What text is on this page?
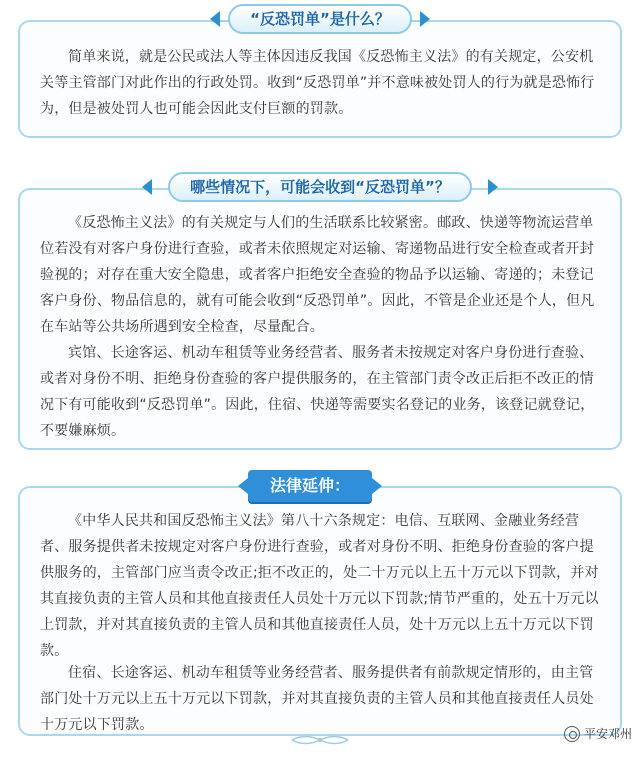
“反恐罚单”是什么？

简单来说，就是公民或法人等主体因违反我国《反恐怖主义法》的有关规定，公安机关等主管部门对此作出的行政处罚。收到“反恐罚单”并不意味被处罚人的行为就是恐怖行为，但是被处罚人也可能会因此支付巨额的罚款。

哪些情况下，可能会收到“反恐罚单”？

《反恐怖主义法》的有关规定与人们的生活联系比较紧密。邮政、快递等物流运营单位若没有对客户身份进行查验，或者未依照规定对运输、寄递物品进行安全检查或者开封验视的；对存在重大安全隐患，或者客户拒绝安全查验的物品予以运输、寄递的；未登记客户身份、物品信息的，就有可能会收到“反恐罚单”。因此，不管是企业还是个人，但凡在车站等公共场所遇到安全检查，尽量配合。

宾馆、长途客运、机动车租赁等业务经营者、服务者未按规定对客户身份进行查验、或者对身份不明、拒绝身份查验的客户提供服务的，在主管部门责令改正后拒不改正的情况下有可能收到“反恐罚单”。因此，住宿、快递等需要实名登记的业务，该登记就登记，不要嫌麻烦。

法律延伸：

《中华人民共和国反恐怖主义法》第八十六条规定：电信、互联网、金融业务经营者、服务提供者未按规定对客户身份进行查验，或者对身份不明、拒绝身份查验的客户提供服务的，主管部门应当责令改正;拒不改正的，处二十万元以上五十万元以下罚款，并对其直接负责的主管人员和其他直接责任人员处十万元以下罚款;情节严重的，处五十万元以上罚款，并对其直接负责的主管人员和其他直接责任人员，处十万元以上五十万元以下罚款。

住宿、长途客运、机动车租赁等业务经营者、服务提供者有前款规定情形的，由主管部门处十万元以上五十万元以下罚款，并对其直接负责的主管人员和其他直接责任人员处十万元以下罚款。

平安邓州
